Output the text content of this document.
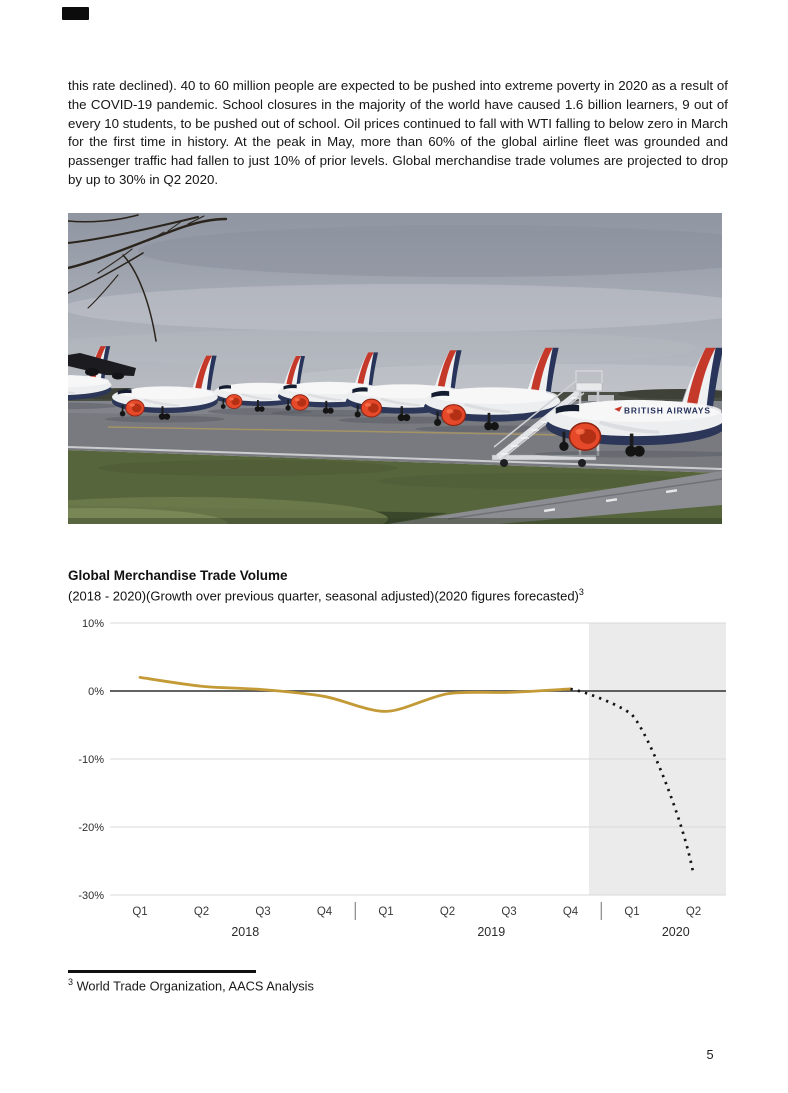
this rate declined). 40 to 60 million people are expected to be pushed into extreme poverty in 2020 as a result of the COVID-19 pandemic. School closures in the majority of the world have caused 1.6 billion learners, 9 out of every 10 students, to be pushed out of school. Oil prices continued to fall with WTI falling to below zero in March for the first time in history. At the peak in May, more than 60% of the global airline fleet was grounded and passenger traffic had fallen to just 10% of prior levels. Global merchandise trade volumes are projected to drop by up to 30% in Q2 2020.

BRITISH AIRWAYS
Global Merchandise Trade Volume
(2018 - 2020)(Growth over previous quarter, seasonal adjusted)(2020 figures forecasted)$^3$
10%
0%
-10%
-20%
-30%
Q1	Q2	Q3	Q4	Q1	Q2	Q3	Q4	Q1	Q2
2018	2019	2020

$^3$ World Trade Organization, AACS Analysis

5
